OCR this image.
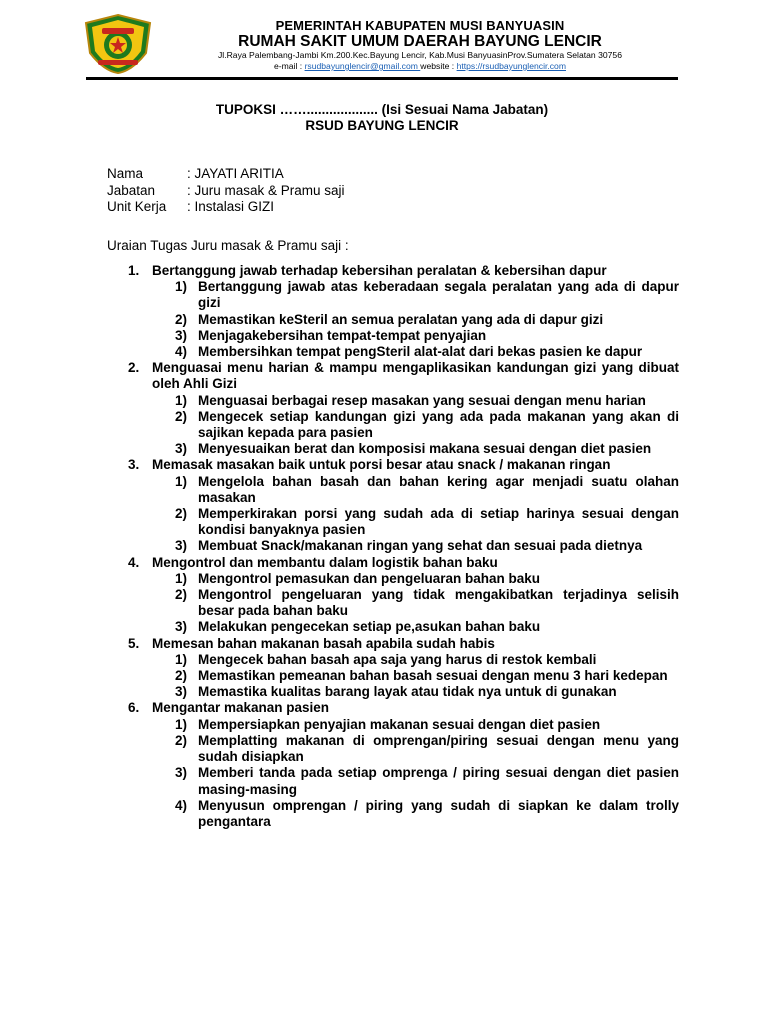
PEMERINTAH KABUPATEN MUSI BANYUASIN
RUMAH SAKIT UMUM DAERAH BAYUNG LENCIR
Jl.Raya Palembang-Jambi Km.200.Kec.Bayung Lencir, Kab.Musi BanyuasinProv.Sumatera Selatan 30756
e-mail : rsudbayunglencir@gmail.com website : https://rsudbayunglencir.com
TUPOKSI ……................... (Isi Sesuai Nama Jabatan)
RSUD BAYUNG LENCIR
Nama	: JAYATI ARITIA
Jabatan	: Juru masak & Pramu saji
Unit Kerja	: Instalasi GIZI
Uraian Tugas Juru masak & Pramu saji :
1. Bertanggung jawab terhadap kebersihan peralatan & kebersihan dapur
1) Bertanggung jawab atas keberadaan segala peralatan yang ada di dapur gizi
2) Memastikan keSteril an semua peralatan yang ada di dapur gizi
3) Menjagakebersihan tempat-tempat penyajian
4) Membersihkan tempat pengSteril alat-alat dari bekas pasien ke dapur
2. Menguasai menu harian & mampu mengaplikasikan kandungan gizi yang dibuat oleh Ahli Gizi
1) Menguasai berbagai resep masakan yang sesuai dengan menu harian
2) Mengecek setiap kandungan gizi yang ada pada makanan yang akan di sajikan kepada para pasien
3) Menyesuaikan berat dan komposisi makana sesuai dengan diet pasien
3. Memasak masakan baik untuk porsi besar atau snack / makanan ringan
1) Mengelola bahan basah dan bahan kering agar menjadi suatu olahan masakan
2) Memperkirakan porsi yang sudah ada di setiap harinya sesuai dengan kondisi banyaknya pasien
3) Membuat Snack/makanan ringan yang sehat dan sesuai pada dietnya
4. Mengontrol dan membantu dalam logistik bahan baku
1) Mengontrol pemasukan dan pengeluaran bahan baku
2) Mengontrol pengeluaran yang tidak mengakibatkan terjadinya selisih besar pada bahan baku
3) Melakukan pengecekan setiap pe,asukan bahan baku
5. Memesan bahan makanan basah apabila sudah habis
1) Mengecek bahan basah apa saja yang harus di restok kembali
2) Memastikan pemeanan bahan basah sesuai dengan menu 3 hari kedepan
3) Memastika kualitas barang layak atau tidak nya untuk di gunakan
6. Mengantar makanan pasien
1) Mempersiapkan penyajian makanan sesuai dengan diet pasien
2) Memplatting makanan di omprengan/piring sesuai dengan menu yang sudah disiapkan
3) Memberi tanda pada setiap omprenga / piring sesuai dengan diet pasien masing-masing
4) Menyusun omprengan / piring yang sudah di siapkan ke dalam trolly pengantara
